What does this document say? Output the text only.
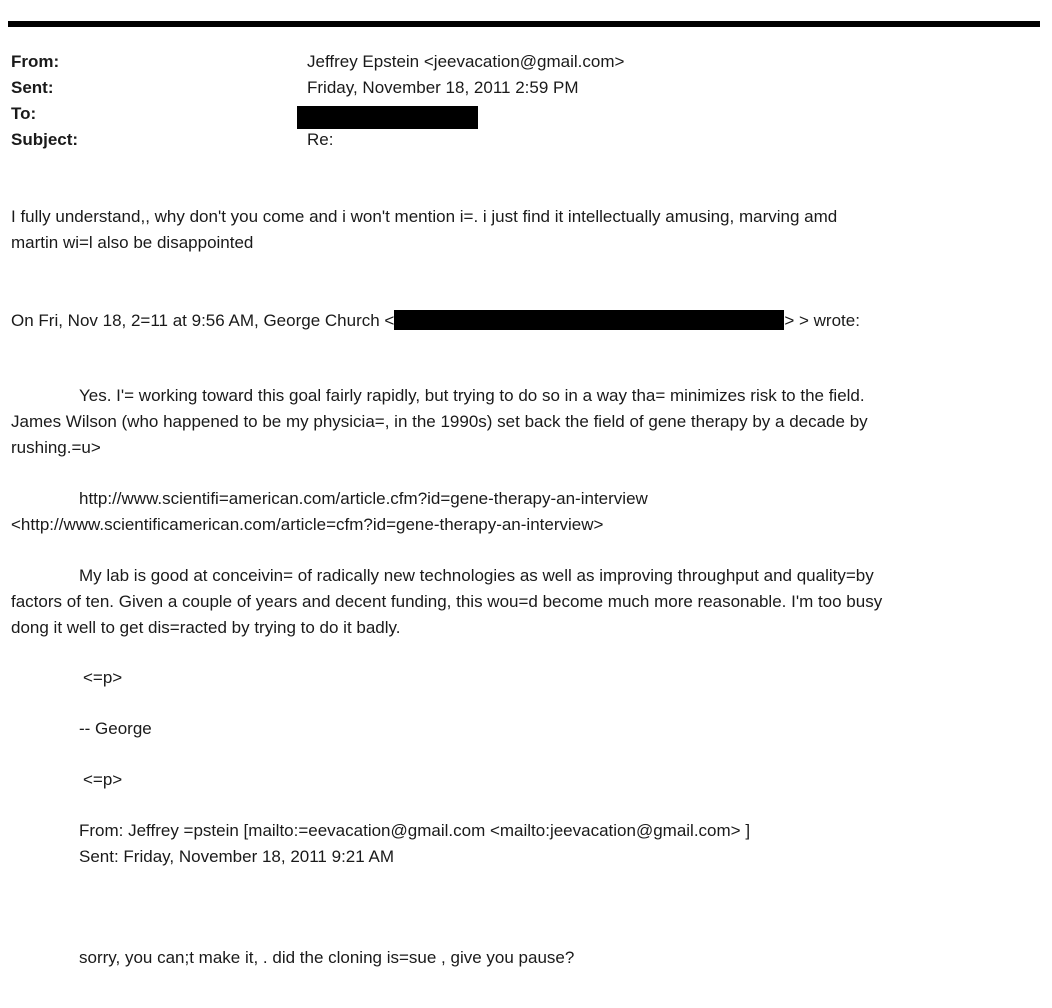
From:	Jeffrey Epstein <jeevacation@gmail.com>
Sent:	Friday, November 18, 2011 2:59 PM
To:
Subject:	Re:
I fully understand,, why don't you come and i won't mention i=. i just find it intellectually amusing, marving amd
martin wi=l also be disappointed
On Fri, Nov 18, 2=11 at 9:56 AM, George Church <	> > wrote:
Yes. I'= working toward this goal fairly rapidly, but trying to do so in a way tha= minimizes risk to the field.
James Wilson (who happened to be my physicia=, in the 1990s) set back the field of gene therapy by a decade by
rushing.=u>
http://www.scientifi=american.com/article.cfm?id=gene-therapy-an-interview
<http://www.scientificamerican.com/article=cfm?id=gene-therapy-an-interview>
My lab is good at conceivin= of radically new technologies as well as improving throughput and quality=by
factors of ten. Given a couple of years and decent funding, this wou=d become much more reasonable. I'm too busy
dong it well to get dis=racted by trying to do it badly.
<=p>
-- George
<=p>
From: Jeffrey =pstein [mailto:=eevacation@gmail.com <mailto:jeevacation@gmail.com> ]
Sent: Friday, November 18, 2011 9:21 AM
sorry, you can;t make it, . did the cloning is=sue , give you pause?
